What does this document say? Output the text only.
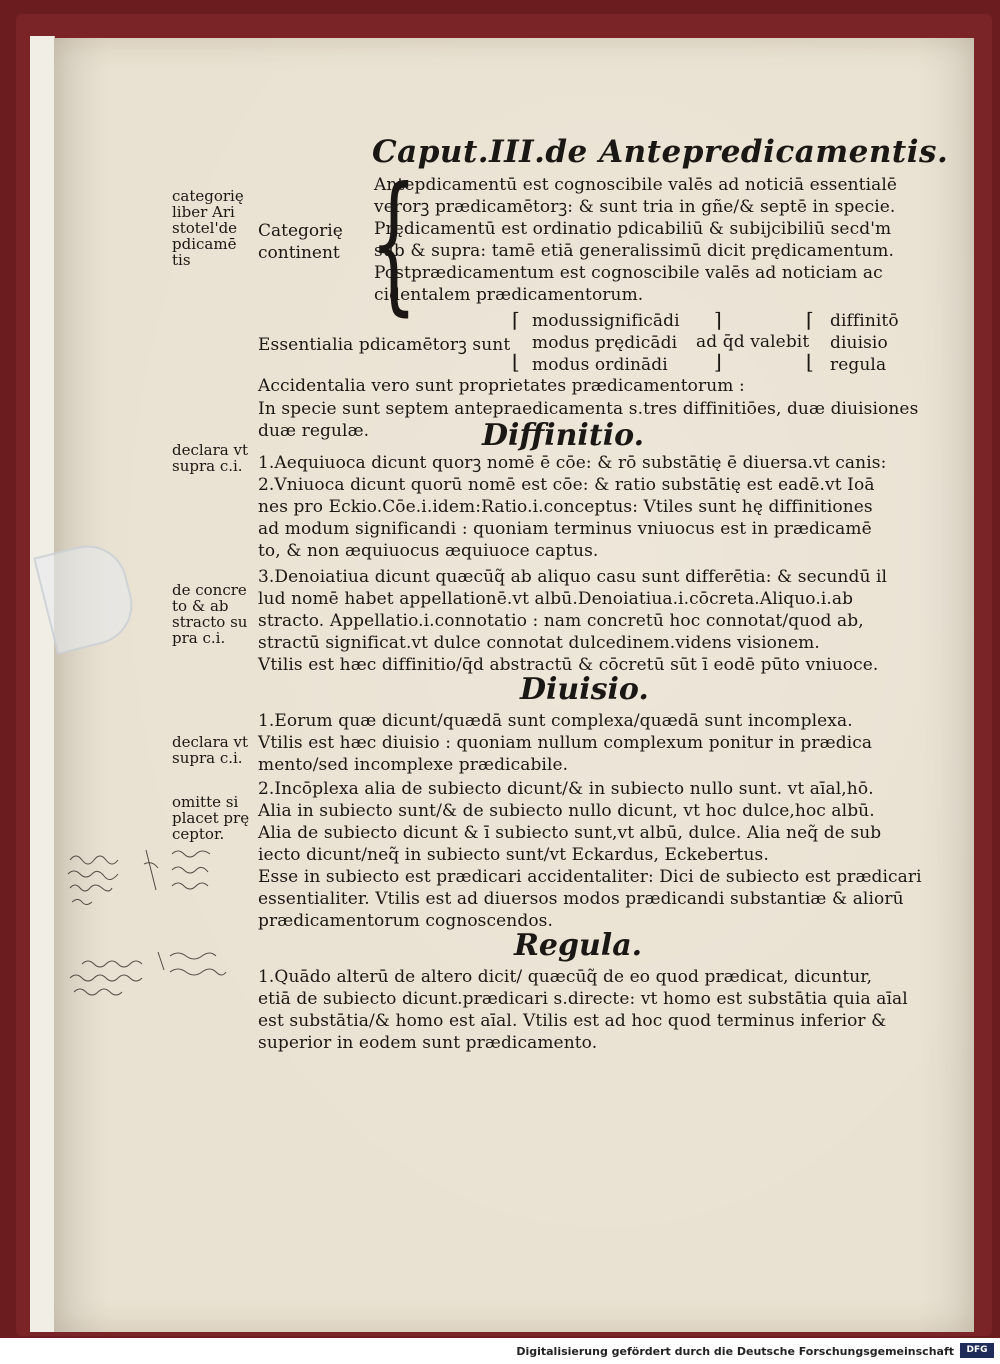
Caput.III.de Antepredicamentis.
categorię
liber Ari
stotel'de
pdicamē
tis
Categorię
continent {
Antepdicamentū est cognoscibile valēs ad noticiā essentialē
verorꝫ prædicamētorꝫ: & sunt tria in gñe/& septē in specie.
Prędicamentū est ordinatio pdicabiliū & subijcibiliū secd'm
sub & supra: tamē etiā generalissimū dicit prędicamentum.
Postprædicamentum est cognoscibile valēs ad noticiam ac
cidentalem prædicamentorum.
Essentialia pdicamētorꝫ sunt
modussignificādi
modus prędicādi
modus ordinādi
⌈
⌊
⌉
⌋
ad q̄d valebit
⌈
⌊
diffinitō
diuisio
regula
Accidentalia vero sunt proprietates prædicamentorum :
In specie sunt septem antepraedicamenta s.tres diffinitiōes, duæ diuisiones
duæ regulæ.	Diffinitio.
declara vt
supra c.i. 1.Aequiuoca dicunt quorꝫ nomē ē cōe: & rō substātię ē diuersa.vt canis:
2.Vniuoca dicunt quorū nomē est cōe: & ratio substātię est eadē.vt Ioā
nes pro Eckio.Cōe.i.idem:Ratio.i.conceptus: Vtiles sunt hę diffinitiones
ad modum significandi : quoniam terminus vniuocus est in prædicamē
to, & non æquiuocus æquiuoce captus.
de concre
to & ab
stracto su
pra c.i.
3.Denoiatiua dicunt quæcūq̃ ab aliquo casu sunt differētia: & secundū il
lud nomē habet appellationē.vt albū.Denoiatiua.i.cōcreta.Aliquo.i.ab
stracto. Appellatio.i.connotatio : nam concretū hoc connotat/quod ab,
stractū significat.vt dulce connotat dulcedinem.videns visionem.
Vtilis est hæc diffinitio/q̄d abstractū & cōcretū sūt ī eodē pūto vniuoce.
Diuisio.
declara vt
supra c.i.
1.Eorum quæ dicunt/quædā sunt complexa/quædā sunt incomplexa.
Vtilis est hæc diuisio : quoniam nullum complexum ponitur in prædica
mento/sed incomplexe prædicabile.
omitte si
placet prę
ceptor.
2.Incōplexa alia de subiecto dicunt/& in subiecto nullo sunt. vt aīal,hō.
Alia in subiecto sunt/& de subiecto nullo dicunt, vt hoc dulce,hoc albū.
Alia de subiecto dicunt & ī subiecto sunt,vt albū, dulce. Alia neq̃ de sub
iecto dicunt/neq̃ in subiecto sunt/vt Eckardus, Eckebertus.
Esse in subiecto est prædicari accidentaliter: Dici de subiecto est prædicari
essentialiter. Vtilis est ad diuersos modos prædicandi substantiæ & aliorū
prædicamentorum cognoscendos.
Regula.
1.Quādo alterū de altero dicit/ quæcūq̃ de eo quod prædicat, dicuntur,
etiā de subiecto dicunt.prædicari s.directe: vt homo est substātia quia aīal
est substātia/& homo est aīal. Vtilis est ad hoc quod terminus inferior &
superior in eodem sunt prædicamento.
Digitalisierung gefördert durch die Deutsche Forschungsgemeinschaft	DFG
